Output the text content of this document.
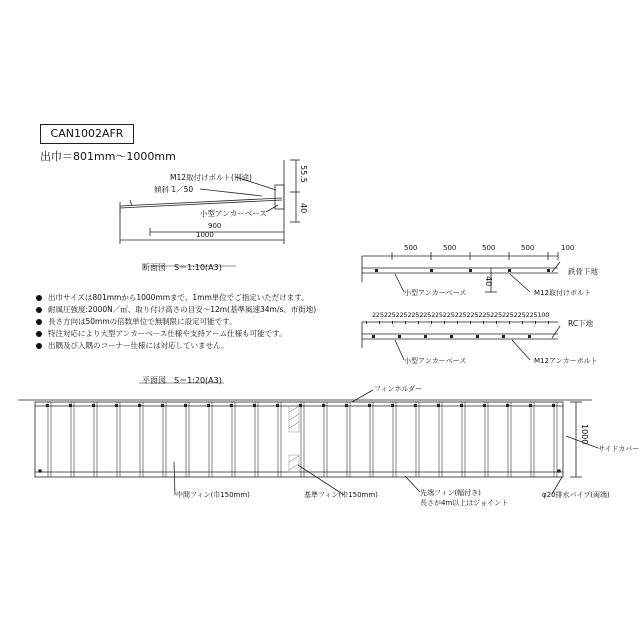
CAN1002AFR
出巾＝801mm～1000mm
M12取付けボルト(別途)
傾斜 1／50
小型アンカーベース
900
1000
55.5
40
断面図　S＝1:10(A3)
出巾サイズは801mmから1000mmまで、1mm単位でご指定いただけます。
耐風圧強度:2000N／㎡、取り付け高さの目安～12m(基準風速34m/s、市街地)
長さ方向は50mmの倍数単位で無制限に設定可能です。
特注対応により大型アンカーベース仕様や支持アーム仕様も可能です。
出隅及び入隅のコーナー仕様には対応していません。
500	500	500	500	100
40
鉄骨下地
小型アンカーベース	M12取付けボルト
225225225225225225225225225225225225225225100
RC下地
小型アンカーベース	M12アンカーボルト
平面図　S＝1:20(A3)
フィンホルダー
1000
サイドカバー
中間フィン(巾150mm)	基準フィン(巾150mm)	先端フィン(幅付き)
長さが4m以上はジョイント
φ20排水パイプ(両端)
